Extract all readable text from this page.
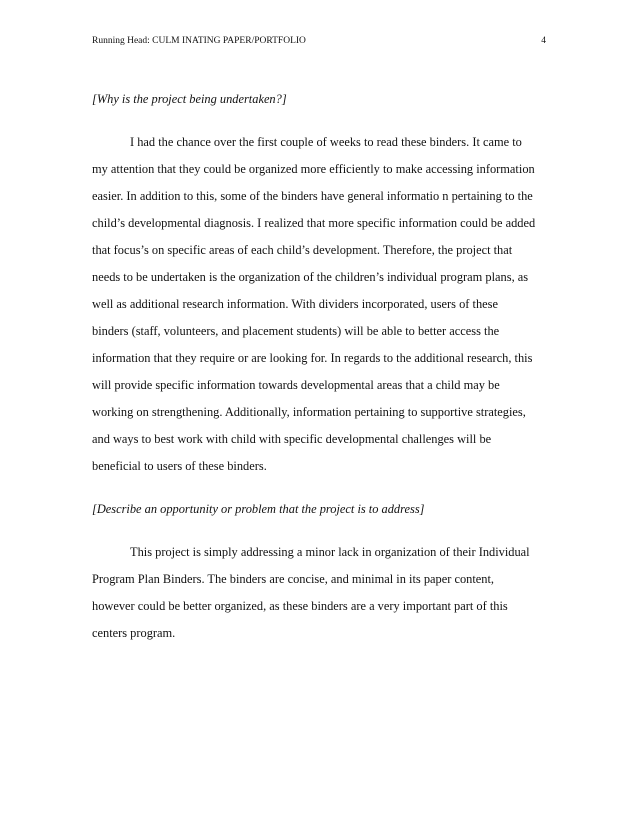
Running Head: CULM INATING PAPER/PORTFOLIO	4
[Why is the project being undertaken?]
I had the chance over the first couple of weeks to read these binders. It came to
my attention that they could be organized more efficiently to make accessing information
easier. In addition to this, some of the binders have general informatio n pertaining to the
child’s developmental diagnosis. I realized that more specific information could be added
that focus’s on specific areas of each child’s development. Therefore, the project that
needs to be undertaken is the organization of the children’s individual program plans, as
well as additional research information. With dividers incorporated, users of these
binders (staff, volunteers, and placement students) will be able to better access the
information that they require or are looking for. In regards to the additional research, this
will provide specific information towards developmental areas that a child may be
working on strengthening. Additionally, information pertaining to supportive strategies,
and ways to best work with child with specific developmental challenges will be
beneficial to users of these binders.
[Describe an opportunity or problem that the project is to address]
This project is simply addressing a minor lack in organization of their Individual
Program Plan Binders. The binders are concise, and minimal in its paper content,
however could be better organized, as these binders are a very important part of this
centers program.
